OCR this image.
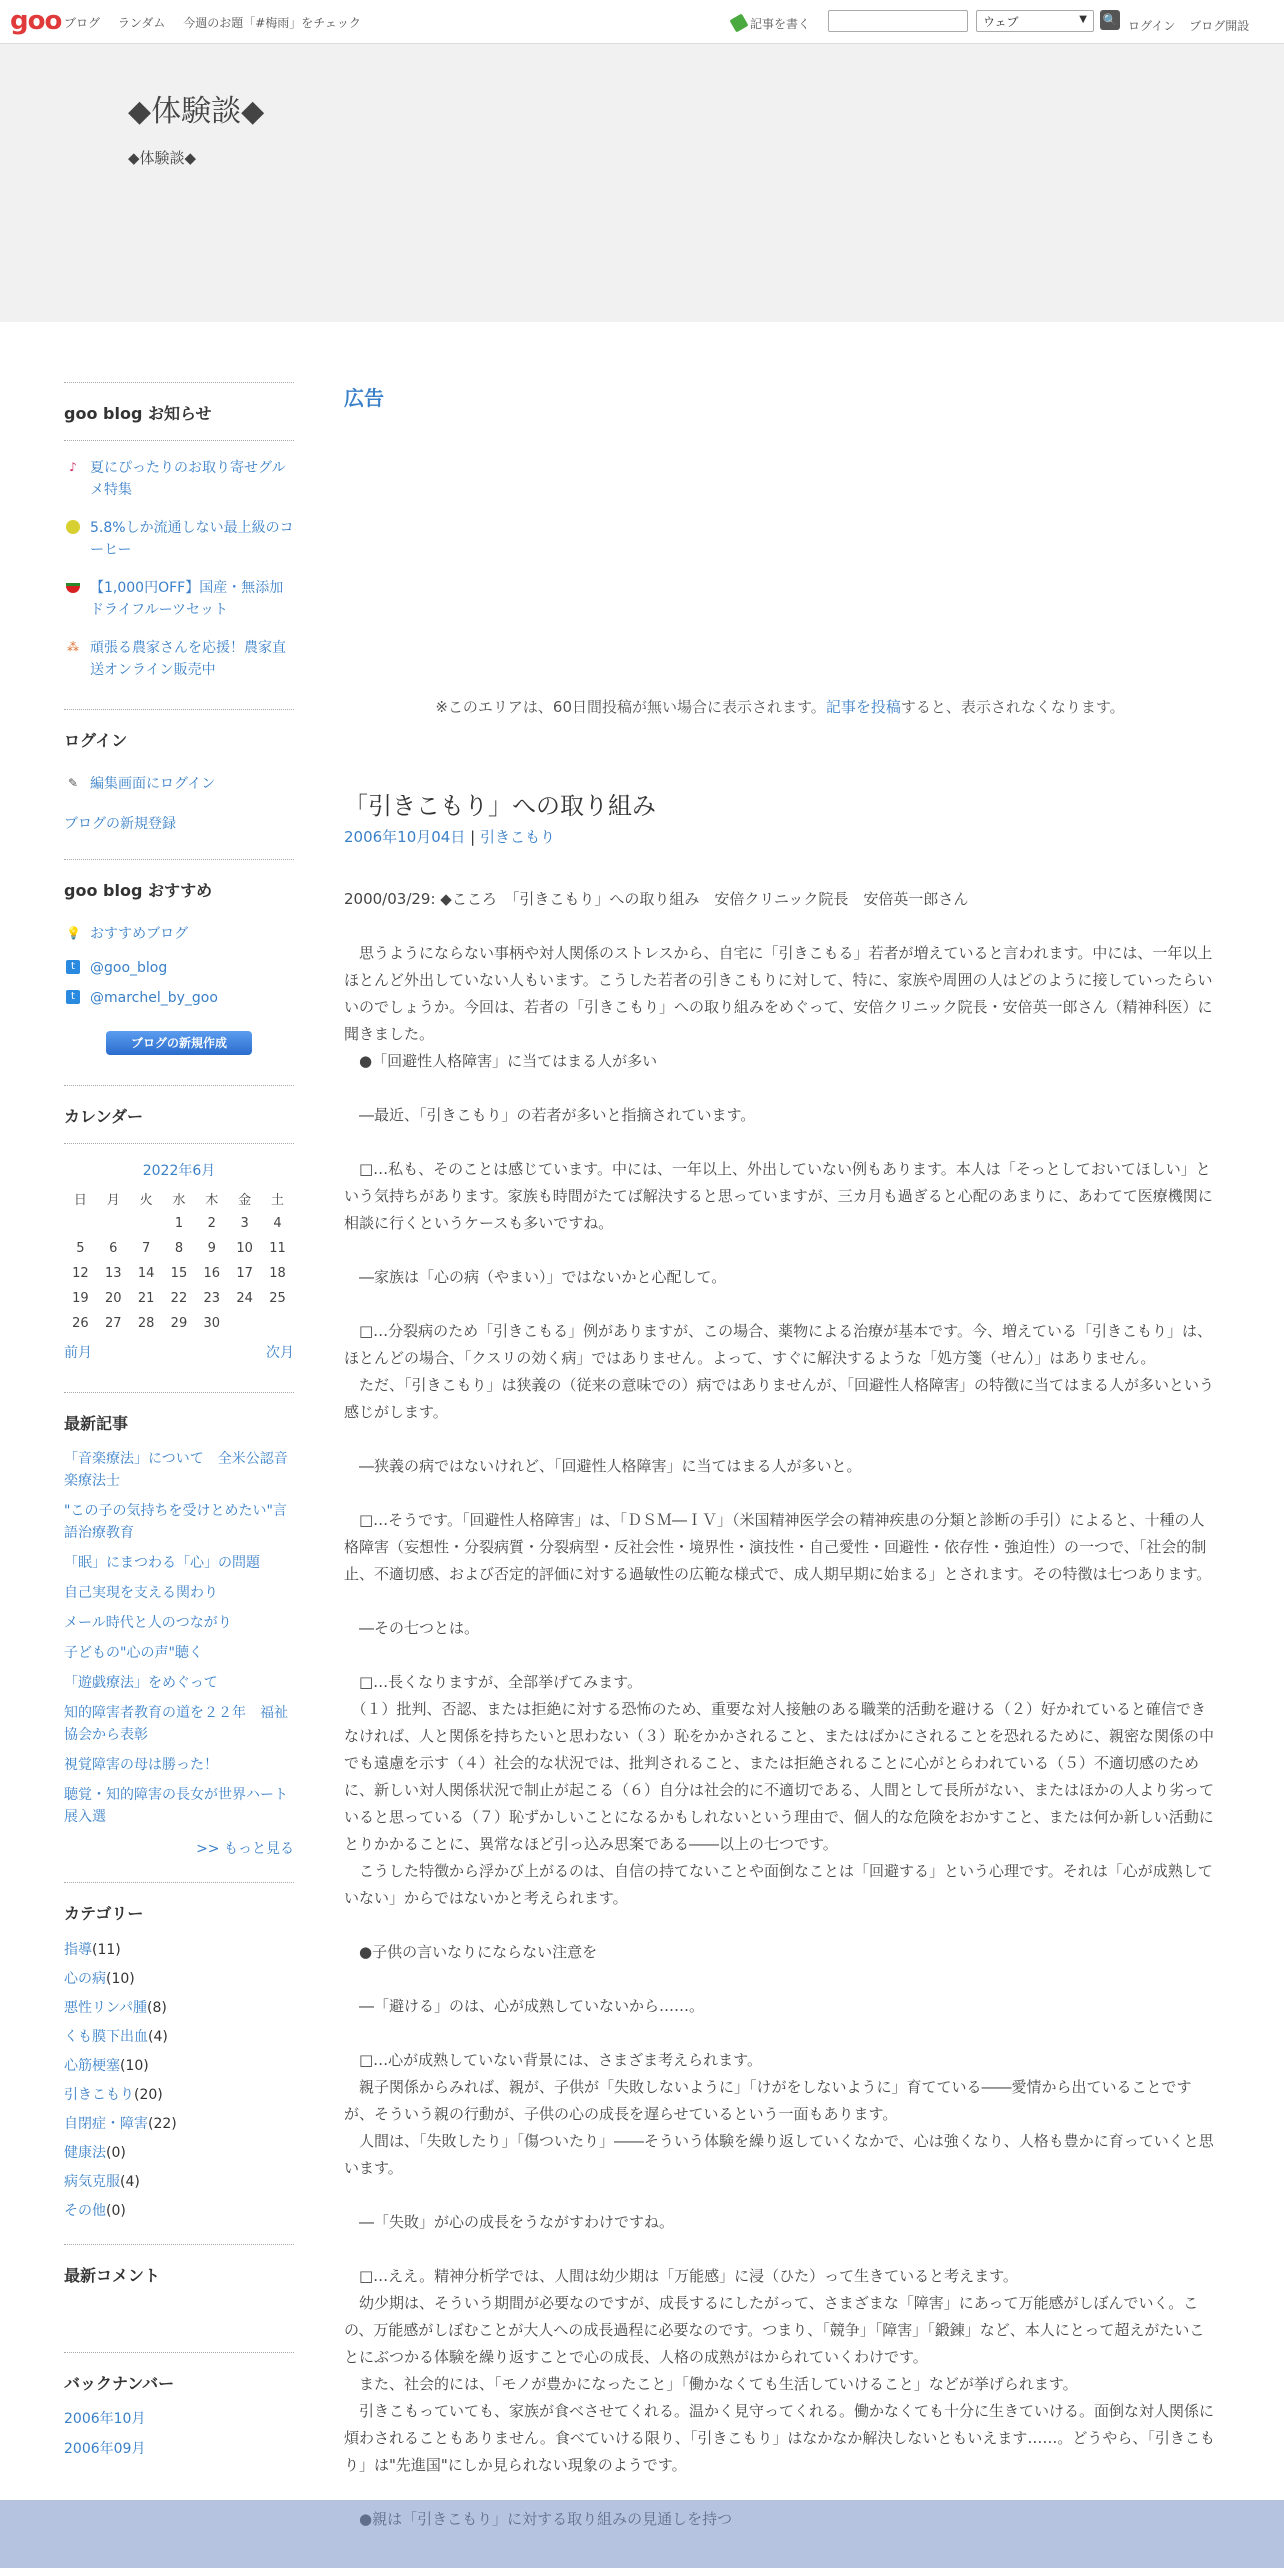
goo ブログ ランダム 今週のお題「#梅雨」をチェック	記事を書く	ウェブ	▼ 🔍 ログイン ブログ開設
◆体験談◆
◆体験談◆
goo blog お知らせ
♪ 夏にぴったりのお取り寄せグルメ特集
5.8%しか流通しない最上級のコーヒー
【1,000円OFF】国産・無添加ドライフルーツセット
⁂ 頑張る農家さんを応援！農家直送オンライン販売中
ログイン
✎ 編集画面にログイン
ブログの新規登録
goo blog おすすめ
💡 おすすめブログ
t	@goo_blog
t	@marchel_by_goo
ブログの新規作成
カレンダー
2022年6月
日	月	火	水	木	金	土
			1	2	3	4
5	6	7	8	9	10	11
12	13	14	15	16	17	18
19	20	21	22	23	24	25
26	27	28	29	30		
前月	次月
最新記事
「音楽療法」について　全米公認音楽療法士
"この子の気持ちを受けとめたい"言語治療教育
「眠」にまつわる「心」の問題
自己実現を支える関わり
メール時代と人のつながり
子どもの"心の声"聴く
「遊戯療法」をめぐって
知的障害者教育の道を２２年　福祉協会から表彰
視覚障害の母は勝った！
聴覚・知的障害の長女が世界ハート展入選
>> もっと見る
カテゴリー
指導(11)
心の病(10)
悪性リンパ腫(8)
くも膜下出血(4)
心筋梗塞(10)
引きこもり(20)
自閉症・障害(22)
健康法(0)
病気克服(4)
その他(0)
最新コメント
バックナンバー
2006年10月
2006年09月
広告
※このエリアは、60日間投稿が無い場合に表示されます。記事を投稿すると、表示されなくなります。
「引きこもり」への取り組み
2006年10月04日 | 引きこもり

2000/03/29: ◆こころ　「引きこもり」への取り組み　安倍クリニック院長　安倍英一郎さん

　思うようにならない事柄や対人関係のストレスから、自宅に「引きこもる」若者が増えていると言われます。中には、一年以上ほとんど外出していない人もいます。こうした若者の引きこもりに対して、特に、家族や周囲の人はどのように接していったらいいのでしょうか。今回は、若者の「引きこもり」への取り組みをめぐって、安倍クリニック院長・安倍英一郎さん（精神科医）に聞きました。

　●「回避性人格障害」に当てはまる人が多い

　―最近、「引きこもり」の若者が多いと指摘されています。

　□…私も、そのことは感じています。中には、一年以上、外出していない例もあります。本人は「そっとしておいてほしい」という気持ちがあります。家族も時間がたてば解決すると思っていますが、三カ月も過ぎると心配のあまりに、あわてて医療機関に相談に行くというケースも多いですね。

　―家族は「心の病（やまい）」ではないかと心配して。

　□…分裂病のため「引きこもる」例がありますが、この場合、薬物による治療が基本です。今、増えている「引きこもり」は、ほとんどの場合、「クスリの効く病」ではありません。よって、すぐに解決するような「処方箋（せん）」はありません。

　ただ、「引きこもり」は狭義の（従来の意味での）病ではありませんが、「回避性人格障害」の特徴に当てはまる人が多いという感じがします。

　―狭義の病ではないけれど、「回避性人格障害」に当てはまる人が多いと。

　□…そうです。「回避性人格障害」は、「ＤＳＭ―ＩＶ」（米国精神医学会の精神疾患の分類と診断の手引）によると、十種の人格障害（妄想性・分裂病質・分裂病型・反社会性・境界性・演技性・自己愛性・回避性・依存性・強迫性）の一つで、「社会的制止、不適切感、および否定的評価に対する過敏性の広範な様式で、成人期早期に始まる」とされます。その特徴は七つあります。

　―その七つとは。

　□…長くなりますが、全部挙げてみます。

　（１）批判、否認、または拒絶に対する恐怖のため、重要な対人接触のある職業的活動を避ける（２）好かれていると確信できなければ、人と関係を持ちたいと思わない（３）恥をかかされること、またはばかにされることを恐れるために、親密な関係の中でも遠慮を示す（４）社会的な状況では、批判されること、または拒絶されることに心がとらわれている（５）不適切感のために、新しい対人関係状況で制止が起こる（６）自分は社会的に不適切である、人間として長所がない、またはほかの人より劣っていると思っている（７）恥ずかしいことになるかもしれないという理由で、個人的な危険をおかすこと、または何か新しい活動にとりかかることに、異常なほど引っ込み思案である――以上の七つです。

　こうした特徴から浮かび上がるのは、自信の持てないことや面倒なことは「回避する」という心理です。それは「心が成熟していない」からではないかと考えられます。

　●子供の言いなりにならない注意を

　―「避ける」のは、心が成熟していないから……。

　□…心が成熟していない背景には、さまざま考えられます。

　親子関係からみれば、親が、子供が「失敗しないように」「けがをしないように」育てている――愛情から出ていることですが、そういう親の行動が、子供の心の成長を遅らせているという一面もあります。

　人間は、「失敗したり」「傷ついたり」――そういう体験を繰り返していくなかで、心は強くなり、人格も豊かに育っていくと思います。

　―「失敗」が心の成長をうながすわけですね。

　□…ええ。精神分析学では、人間は幼少期は「万能感」に浸（ひた）って生きていると考えます。

　幼少期は、そういう期間が必要なのですが、成長するにしたがって、さまざまな「障害」にあって万能感がしぼんでいく。この、万能感がしぼむことが大人への成長過程に必要なのです。つまり、「競争」「障害」「鍛錬」など、本人にとって超えがたいことにぶつかる体験を繰り返すことで心の成長、人格の成熟がはかられていくわけです。

　また、社会的には、「モノが豊かになったこと」「働かなくても生活していけること」などが挙げられます。

　引きこもっていても、家族が食べさせてくれる。温かく見守ってくれる。働かなくても十分に生きていける。面倒な対人関係に煩わされることもありません。食べていける限り、「引きこもり」はなかなか解決しないともいえます……。どうやら、「引きこもり」は"先進国"にしか見られない現象のようです。
